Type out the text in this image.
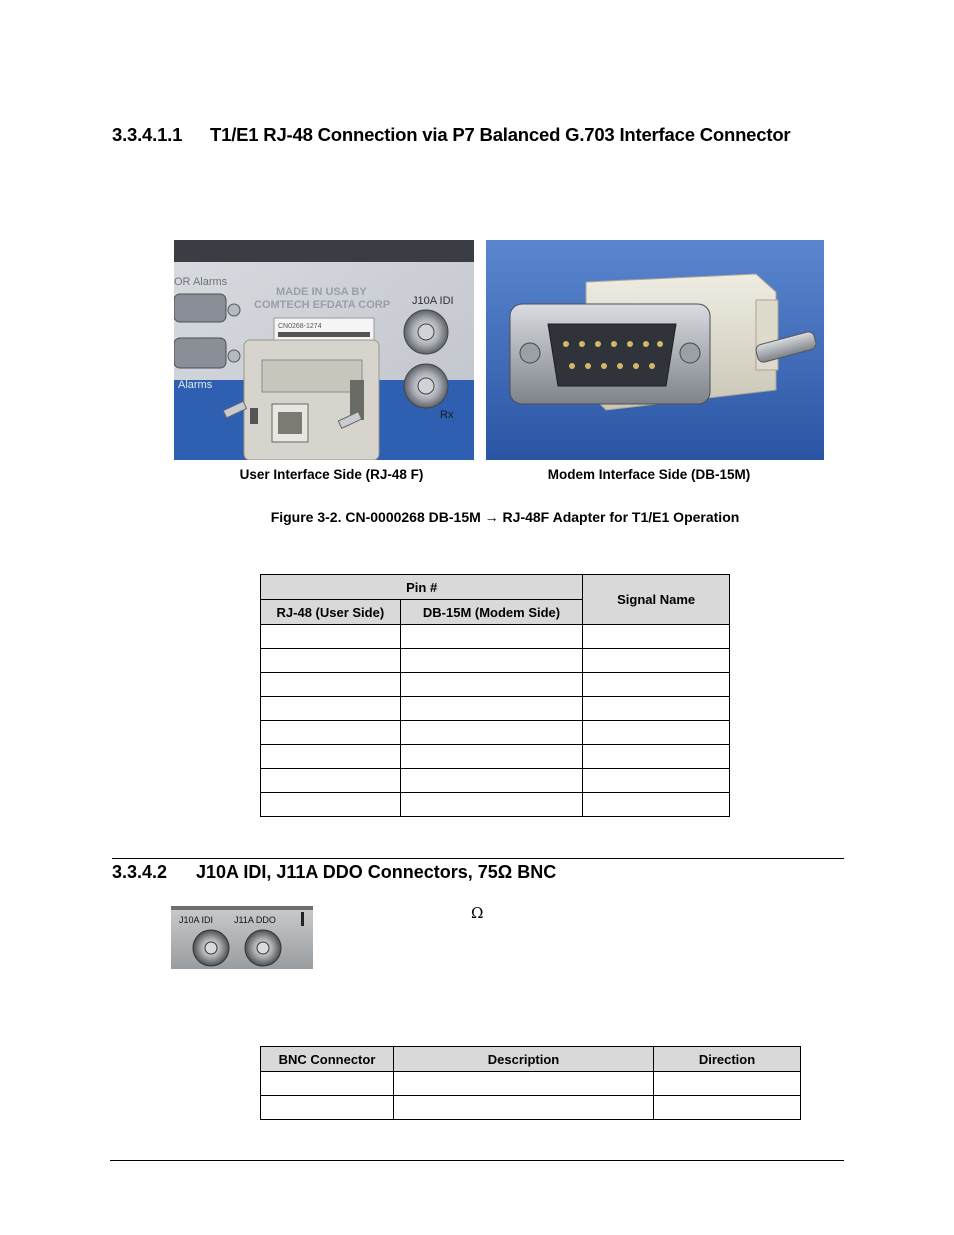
3.3.4.1.1 T1/E1 RJ-48 Connection via P7 Balanced G.703 Interface Connector
OR Alarms
MADE IN USA BY
COMTECH EFDATA CORP
CN0268-1274
J10A IDI
Alarms
Rx
User Interface Side (RJ-48 F)	Modem Interface Side (DB-15M)
Figure 3-2. CN-0000268 DB-15M → RJ-48F Adapter for T1/E1 Operation
Pin #		Signal Name
RJ-48 (User Side)	DB-15M (Modem Side)	

3.3.4.2 J10A IDI, J11A DDO Connectors, 75Ω BNC
J10A IDI J11A DDO	Ω
BNC Connector	Description	Direction
